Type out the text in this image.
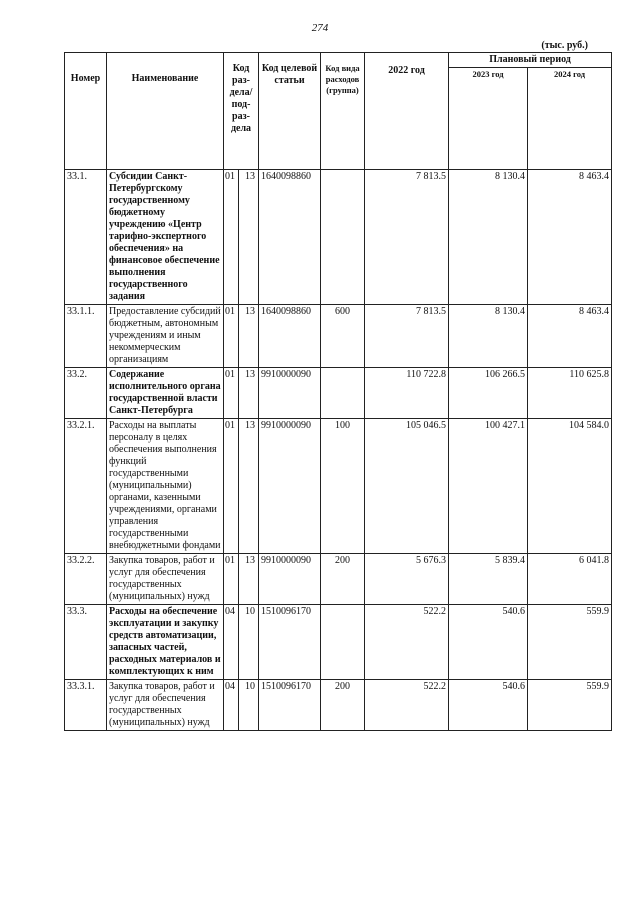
274
(тыс. руб.)
Номер	Наименование	Код раз-дела/ под-раз-дела		Код целевой статьи	Код вида расходов (группа)	2022 год	Плановый период	
							2023 год	2024 год
33.1.	Субсидии Санкт-Петербургскому государственному бюджетному учреждению «Центр тарифно-экспертного обеспечения» на финансовое обеспечение выполнения государственного задания	01	13	1640098860		7 813.5	8 130.4	8 463.4
33.1.1.	Предоставление субсидий бюджетным, автономным учреждениям и иным некоммерческим организациям	01	13	1640098860	600	7 813.5	8 130.4	8 463.4
33.2.	Содержание исполнительного органа государственной власти Санкт-Петербурга	01	13	9910000090		110 722.8	106 266.5	110 625.8
33.2.1.	Расходы на выплаты персоналу в целях обеспечения выполнения функций государственными (муниципальными) органами, казенными учреждениями, органами управления государственными внебюджетными фондами	01	13	9910000090	100	105 046.5	100 427.1	104 584.0
33.2.2.	Закупка товаров, работ и услуг для обеспечения государственных (муниципальных) нужд	01	13	9910000090	200	5 676.3	5 839.4	6 041.8
33.3.	Расходы на обеспечение эксплуатации и закупку средств автоматизации, запасных частей, расходных материалов и комплектующих к ним	04	10	1510096170		522.2	540.6	559.9
33.3.1.	Закупка товаров, работ и услуг для обеспечения государственных (муниципальных) нужд	04	10	1510096170	200	522.2	540.6	559.9
